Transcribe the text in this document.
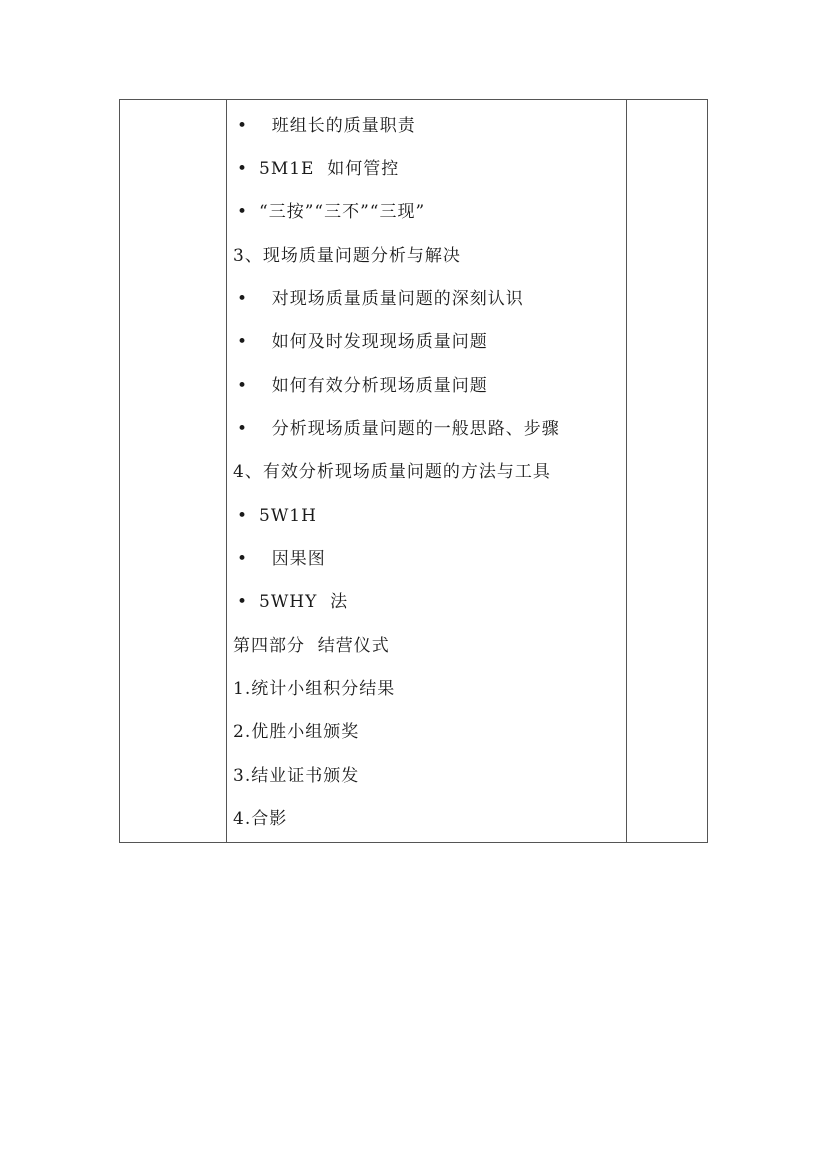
•  班组长的质量职责
• 5M1E  如何管控
• “三按”“三不”“三现”
3、现场质量问题分析与解决
•  对现场质量质量问题的深刻认识
•  如何及时发现现场质量问题
•  如何有效分析现场质量问题
•  分析现场质量问题的一般思路、步骤
4、有效分析现场质量问题的方法与工具
• 5W1H
•  因果图
• 5WHY  法
第四部分  结营仪式
1.统计小组积分结果
2.优胜小组颁奖
3.结业证书颁发
4.合影
